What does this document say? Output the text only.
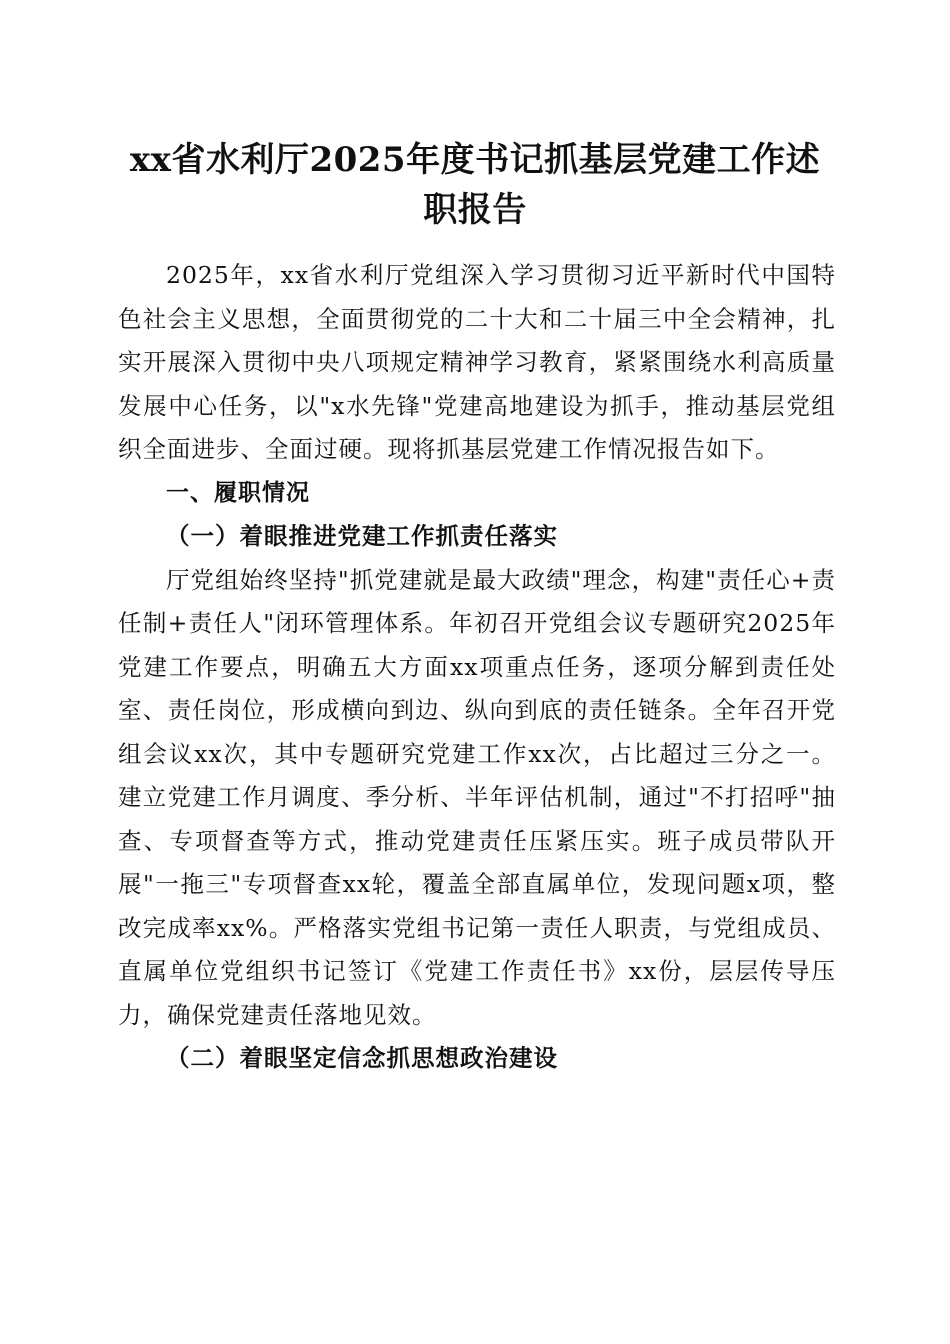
xx省水利厅2025年度书记抓基层党建工作述
职报告

2025年，xx省水利厅党组深入学习贯彻习近平新时代中国特色社会主义思想，全面贯彻党的二十大和二十届三中全会精神，扎实开展深入贯彻中央八项规定精神学习教育，紧紧围绕水利高质量发展中心任务，以"x水先锋"党建高地建设为抓手，推动基层党组织全面进步、全面过硬。现将抓基层党建工作情况报告如下。

一、履职情况

（一）着眼推进党建工作抓责任落实

厅党组始终坚持"抓党建就是最大政绩"理念，构建"责任心+责任制+责任人"闭环管理体系。年初召开党组会议专题研究2025年党建工作要点，明确五大方面xx项重点任务，逐项分解到责任处室、责任岗位，形成横向到边、纵向到底的责任链条。全年召开党组会议xx次，其中专题研究党建工作xx次，占比超过三分之一。建立党建工作月调度、季分析、半年评估机制，通过"不打招呼"抽查、专项督查等方式，推动党建责任压紧压实。班子成员带队开展"一拖三"专项督查xx轮，覆盖全部直属单位，发现问题x项，整改完成率xx%。严格落实党组书记第一责任人职责，与党组成员、直属单位党组织书记签订《党建工作责任书》xx份，层层传导压力，确保党建责任落地见效。

（二）着眼坚定信念抓思想政治建设
